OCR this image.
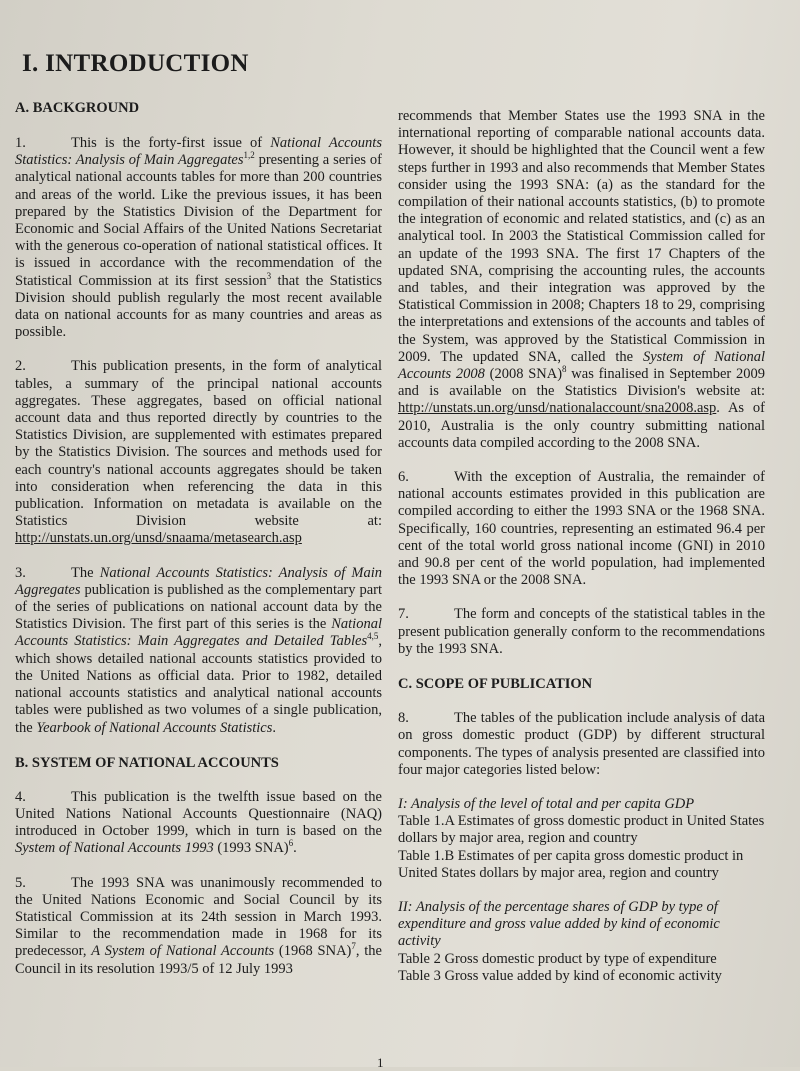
I. INTRODUCTION

A. BACKGROUND

1.	This is the forty-first issue of National Accounts Statistics: Analysis of Main Aggregates$^{1,2}$ presenting a series of analytical national accounts tables for more than 200 countries and areas of the world. Like the previous issues, it has been prepared by the Statistics Division of the Department for Economic and Social Affairs of the United Nations Secretariat with the generous co-operation of national statistical offices. It is issued in accordance with the recommendation of the Statistical Commission at its first session$^3$ that the Statistics Division should publish regularly the most recent available data on national accounts for as many countries and areas as possible.

2.	This publication presents, in the form of analytical tables, a summary of the principal national accounts aggregates. These aggregates, based on official national account data and thus reported directly by countries to the Statistics Division, are supplemented with estimates prepared by the Statistics Division. The sources and methods used for each country's national accounts aggregates should be taken into consideration when referencing the data in this publication. Information on metadata is available on the Statistics Division website at: http://unstats.un.org/unsd/snaama/metasearch.asp

3.	The National Accounts Statistics: Analysis of Main Aggregates publication is published as the complementary part of the series of publications on national account data by the Statistics Division. The first part of this series is the National Accounts Statistics: Main Aggregates and Detailed Tables$^{4,5}$, which shows detailed national accounts statistics provided to the United Nations as official data. Prior to 1982, detailed national accounts statistics and analytical national accounts tables were published as two volumes of a single publication, the Yearbook of National Accounts Statistics.

B. SYSTEM OF NATIONAL ACCOUNTS

4.	This publication is the twelfth issue based on the United Nations National Accounts Questionnaire (NAQ) introduced in October 1999, which in turn is based on the System of National Accounts 1993 (1993 SNA)$^6$.

5.	The 1993 SNA was unanimously recommended to the United Nations Economic and Social Council by its Statistical Commission at its 24th session in March 1993. Similar to the recommendation made in 1968 for its predecessor, A System of National Accounts (1968 SNA)$^7$, the Council in its resolution 1993/5 of 12 July 1993

recommends that Member States use the 1993 SNA in the international reporting of comparable national accounts data. However, it should be highlighted that the Council went a few steps further in 1993 and also recommends that Member States consider using the 1993 SNA: (a) as the standard for the compilation of their national accounts statistics, (b) to promote the integration of economic and related statistics, and (c) as an analytical tool. In 2003 the Statistical Commission called for an update of the 1993 SNA. The first 17 Chapters of the updated SNA, comprising the accounting rules, the accounts and tables, and their integration was approved by the Statistical Commission in 2008; Chapters 18 to 29, comprising the interpretations and extensions of the accounts and tables of the System, was approved by the Statistical Commission in 2009. The updated SNA, called the System of National Accounts 2008 (2008 SNA)$^8$ was finalised in September 2009 and is available on the Statistics Division's website at: http://unstats.un.org/unsd/nationalaccount/sna2008.asp. As of 2010, Australia is the only country submitting national accounts data compiled according to the 2008 SNA.

6.	With the exception of Australia, the remainder of national accounts estimates provided in this publication are compiled according to either the 1993 SNA or the 1968 SNA. Specifically, 160 countries, representing an estimated 96.4 per cent of the total world gross national income (GNI) in 2010 and 90.8 per cent of the world population, had implemented the 1993 SNA or the 2008 SNA.

7.	The form and concepts of the statistical tables in the present publication generally conform to the recommendations by the 1993 SNA.

C. SCOPE OF PUBLICATION

8.	The tables of the publication include analysis of data on gross domestic product (GDP) by different structural components. The types of analysis presented are classified into four major categories listed below:

I: Analysis of the level of total and per capita GDP

Table 1.A Estimates of gross domestic product in United States dollars by major area, region and country

Table 1.B Estimates of per capita gross domestic product in United States dollars by major area, region and country

II: Analysis of the percentage shares of GDP by type of expenditure and gross value added by kind of economic activity

Table 2 Gross domestic product by type of expenditure

Table 3 Gross value added by kind of economic activity

1
